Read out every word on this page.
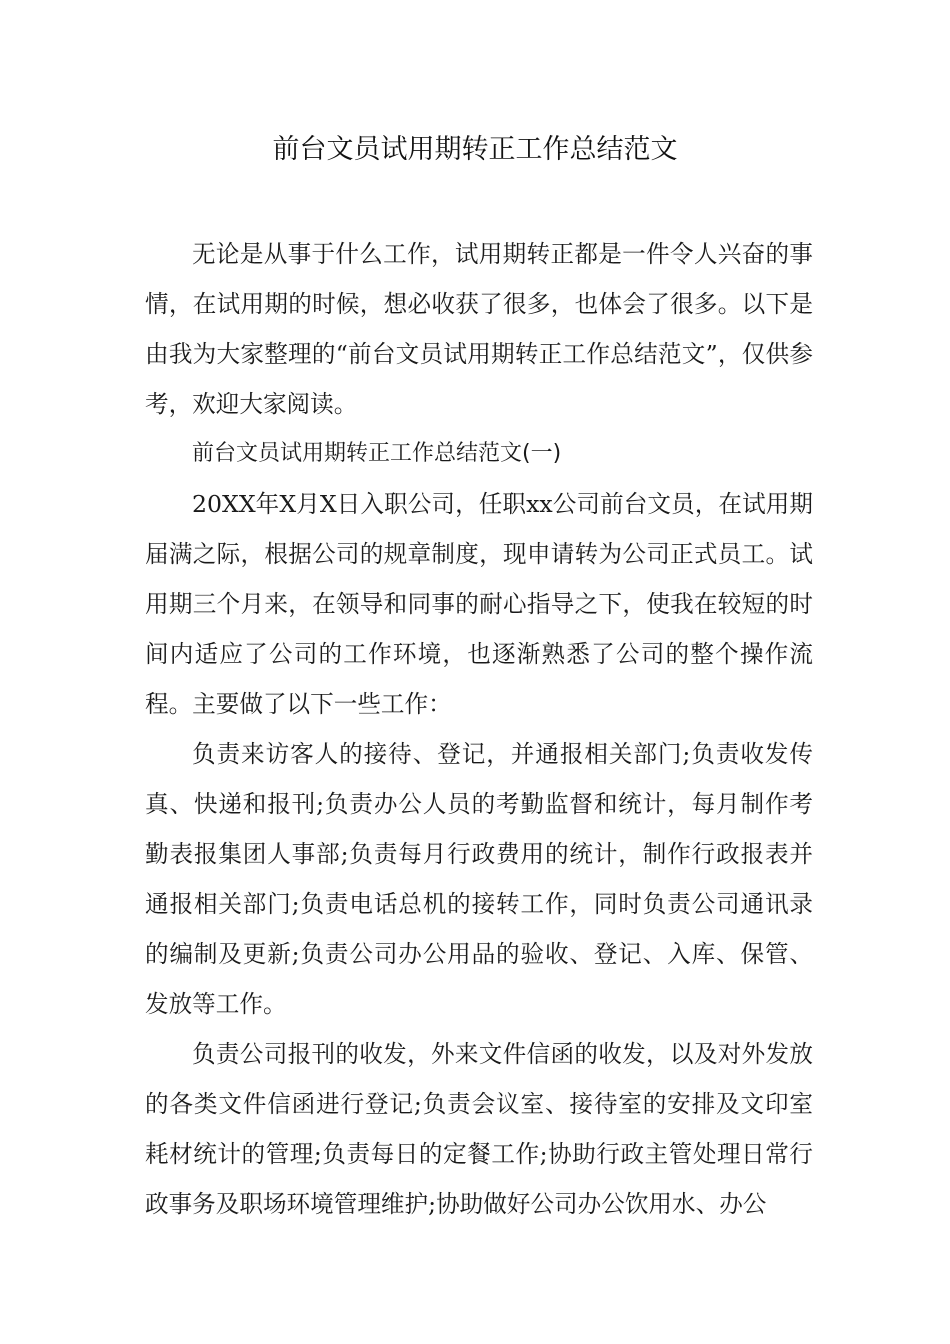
前台文员试用期转正工作总结范文

无论是从事于什么工作，试用期转正都是一件令人兴奋的事情，在试用期的时候，想必收获了很多，也体会了很多。以下是由我为大家整理的“前台文员试用期转正工作总结范文”，仅供参考，欢迎大家阅读。

前台文员试用期转正工作总结范文(一)

20XX年X月X日入职公司，任职xx公司前台文员，在试用期届满之际，根据公司的规章制度，现申请转为公司正式员工。试用期三个月来，在领导和同事的耐心指导之下，使我在较短的时间内适应了公司的工作环境，也逐渐熟悉了公司的整个操作流程。主要做了以下一些工作：

负责来访客人的接待、登记，并通报相关部门;负责收发传真、快递和报刊;负责办公人员的考勤监督和统计，每月制作考勤表报集团人事部;负责每月行政费用的统计，制作行政报表并通报相关部门;负责电话总机的接转工作，同时负责公司通讯录的编制及更新;负责公司办公用品的验收、登记、入库、保管、发放等工作。

负责公司报刊的收发，外来文件信函的收发，以及对外发放的各类文件信函进行登记;负责会议室、接待室的安排及文印室耗材统计的管理;负责每日的定餐工作;协助行政主管处理日常行政事务及职场环境管理维护;协助做好公司办公饮用水、办公
